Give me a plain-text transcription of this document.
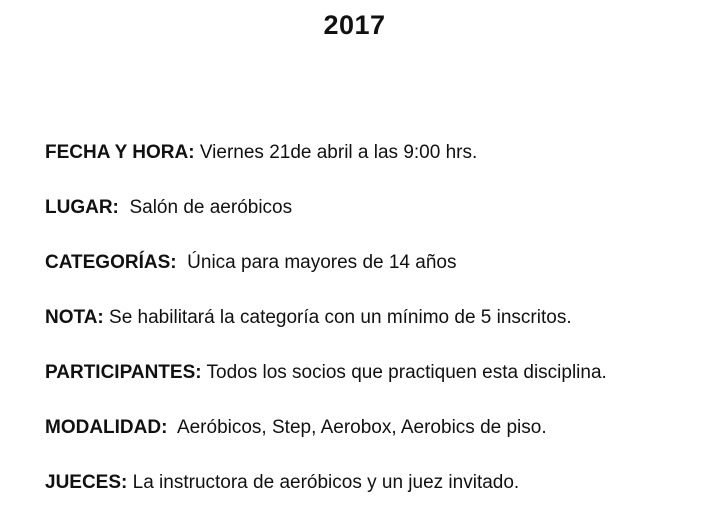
2017
FECHA Y HORA: Viernes 21de abril a las 9:00 hrs.
LUGAR:  Salón de aeróbicos
CATEGORÍAS:  Única para mayores de 14 años
NOTA: Se habilitará la categoría con un mínimo de 5 inscritos.
PARTICIPANTES: Todos los socios que practiquen esta disciplina.
MODALIDAD:  Aeróbicos, Step, Aerobox, Aerobics de piso.
JUECES: La instructora de aeróbicos y un juez invitado.
